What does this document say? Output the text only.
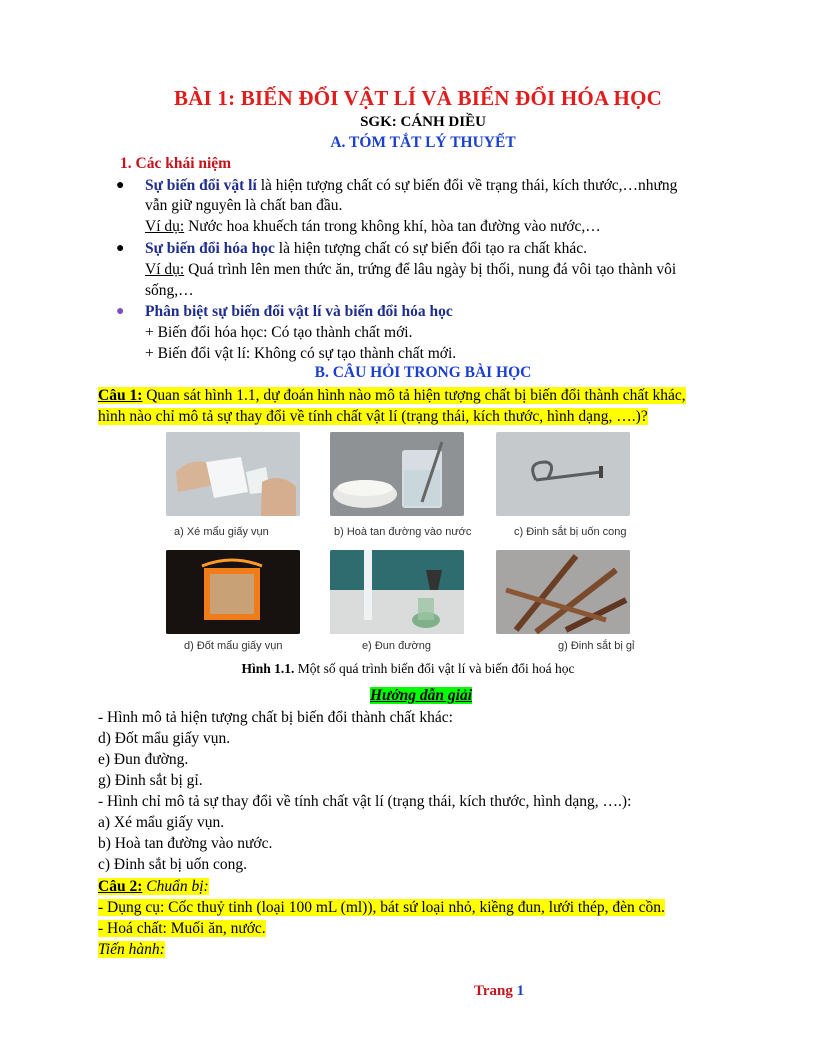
BÀI 1: BIẾN ĐỔI VẬT LÍ VÀ BIẾN ĐỔI HÓA HỌC
SGK: CÁNH DIỀU
A. TÓM TẮT LÝ THUYẾT
1. Các khái niệm
● Sự biến đổi vật lí là hiện tượng chất có sự biến đổi về trạng thái, kích thước,…nhưng
vẫn giữ nguyên là chất ban đầu.
Ví dụ: Nước hoa khuếch tán trong không khí, hòa tan đường vào nước,…
● Sự biến đổi hóa học là hiện tượng chất có sự biến đổi tạo ra chất khác.
Ví dụ: Quá trình lên men thức ăn, trứng để lâu ngày bị thối, nung đá vôi tạo thành vôi
sống,…
● Phân biệt sự biến đổi vật lí và biến đổi hóa học
+ Biến đổi hóa học: Có tạo thành chất mới.
+ Biến đổi vật lí: Không có sự tạo thành chất mới.
B. CÂU HỎI TRONG BÀI HỌC
Câu 1: Quan sát hình 1.1, dự đoán hình nào mô tả hiện tượng chất bị biến đổi thành chất khác,
hình nào chỉ mô tả sự thay đổi về tính chất vật lí (trạng thái, kích thước, hình dạng, ….)?
a) Xé mẩu giấy vụn	b) Hoà tan đường vào nước	c) Đinh sắt bị uốn cong
d) Đốt mẩu giấy vụn	e) Đun đường	g) Đinh sắt bị gỉ
Hình 1.1. Một số quá trình biến đổi vật lí và biến đổi hoá học
Hướng dẫn giải
- Hình mô tả hiện tượng chất bị biến đổi thành chất khác:
d) Đốt mẩu giấy vụn.
e) Đun đường.
g) Đinh sắt bị gỉ.
- Hình chỉ mô tả sự thay đổi về tính chất vật lí (trạng thái, kích thước, hình dạng, ….):
a) Xé mẩu giấy vụn.
b) Hoà tan đường vào nước.
c) Đinh sắt bị uốn cong.
Câu 2: Chuẩn bị:
- Dụng cụ: Cốc thuỷ tinh (loại 100 mL (ml)), bát sứ loại nhỏ, kiềng đun, lưới thép, đèn cồn.
- Hoá chất: Muối ăn, nước.
Tiến hành:
Trang 1
